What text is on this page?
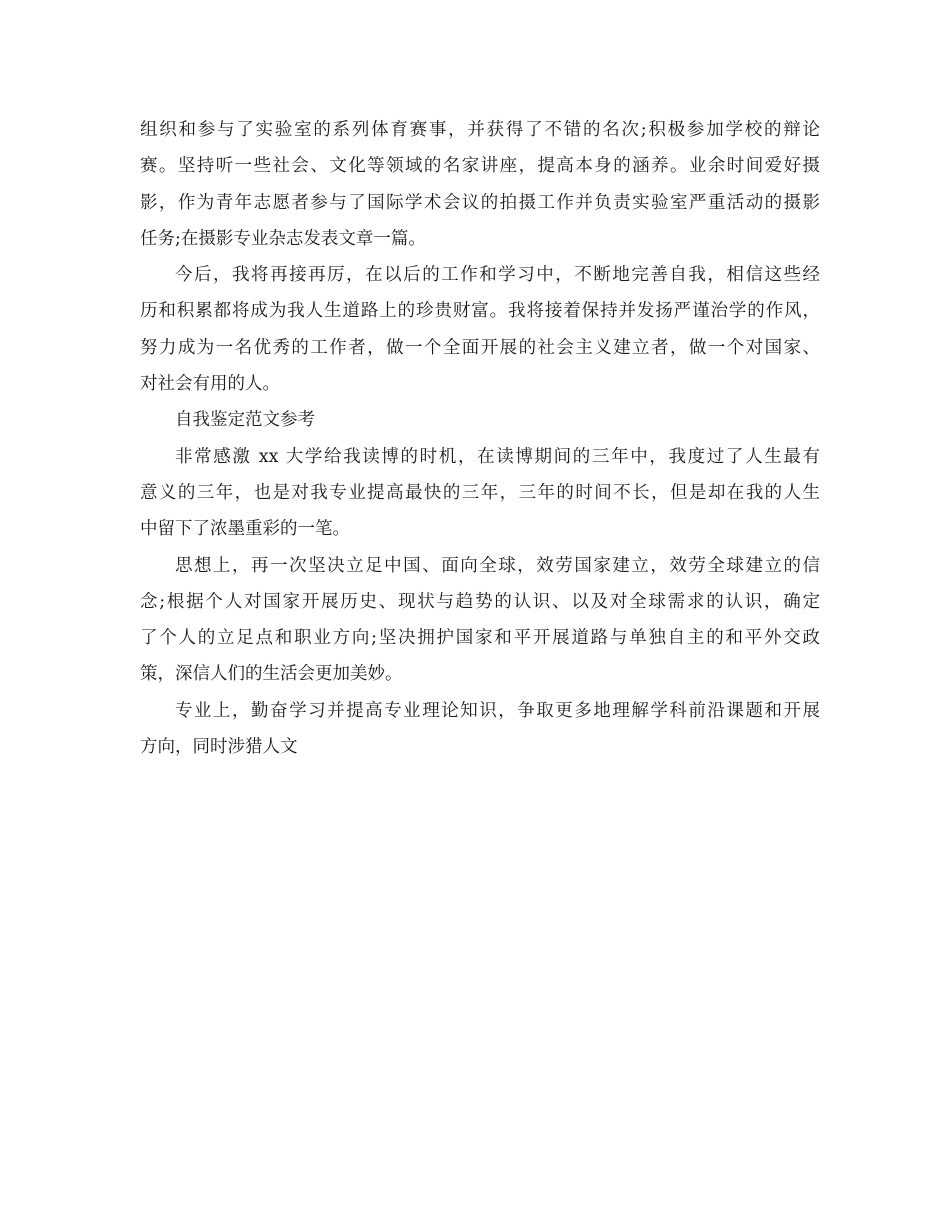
组织和参与了实验室的系列体育赛事，并获得了不错的名次;积极参加学校的辩论
赛。坚持听一些社会、文化等领域的名家讲座，提高本身的涵养。业余时间爱好摄
影，作为青年志愿者参与了国际学术会议的拍摄工作并负责实验室严重活动的摄影
任务;在摄影专业杂志发表文章一篇。
今后，我将再接再厉，在以后的工作和学习中，不断地完善自我，相信这些经
历和积累都将成为我人生道路上的珍贵财富。我将接着保持并发扬严谨治学的作风，
努力成为一名优秀的工作者，做一个全面开展的社会主义建立者，做一个对国家、
对社会有用的人。
自我鉴定范文参考
非常感激 xx 大学给我读博的时机，在读博期间的三年中，我度过了人生最有
意义的三年，也是对我专业提高最快的三年，三年的时间不长，但是却在我的人生
中留下了浓墨重彩的一笔。
思想上，再一次坚决立足中国、面向全球，效劳国家建立，效劳全球建立的信
念;根据个人对国家开展历史、现状与趋势的认识、以及对全球需求的认识，确定
了个人的立足点和职业方向;坚决拥护国家和平开展道路与单独自主的和平外交政
策，深信人们的生活会更加美妙。
专业上，勤奋学习并提高专业理论知识，争取更多地理解学科前沿课题和开展
方向，同时涉猎人文
